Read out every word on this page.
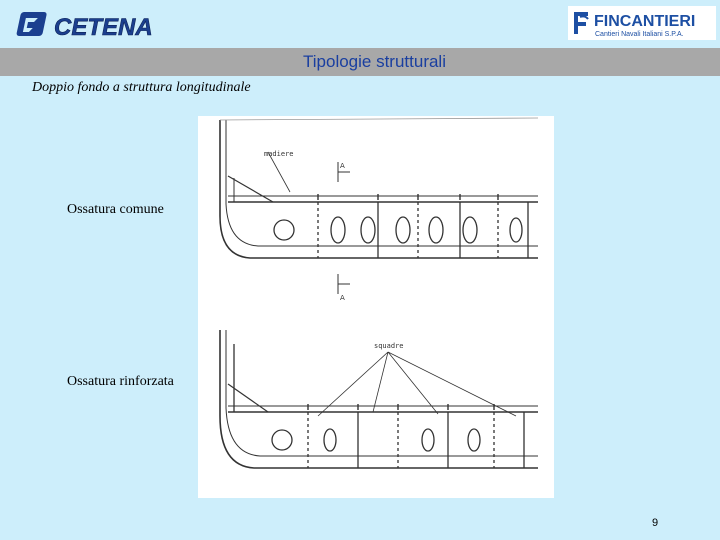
CETENA	FINCANTIERI
Cantieri Navali Italiani S.P.A.
Tipologie strutturali
Doppio fondo a struttura longitudinale
madiere
A
A
squadre
Ossatura comune
Ossatura rinforzata
9
